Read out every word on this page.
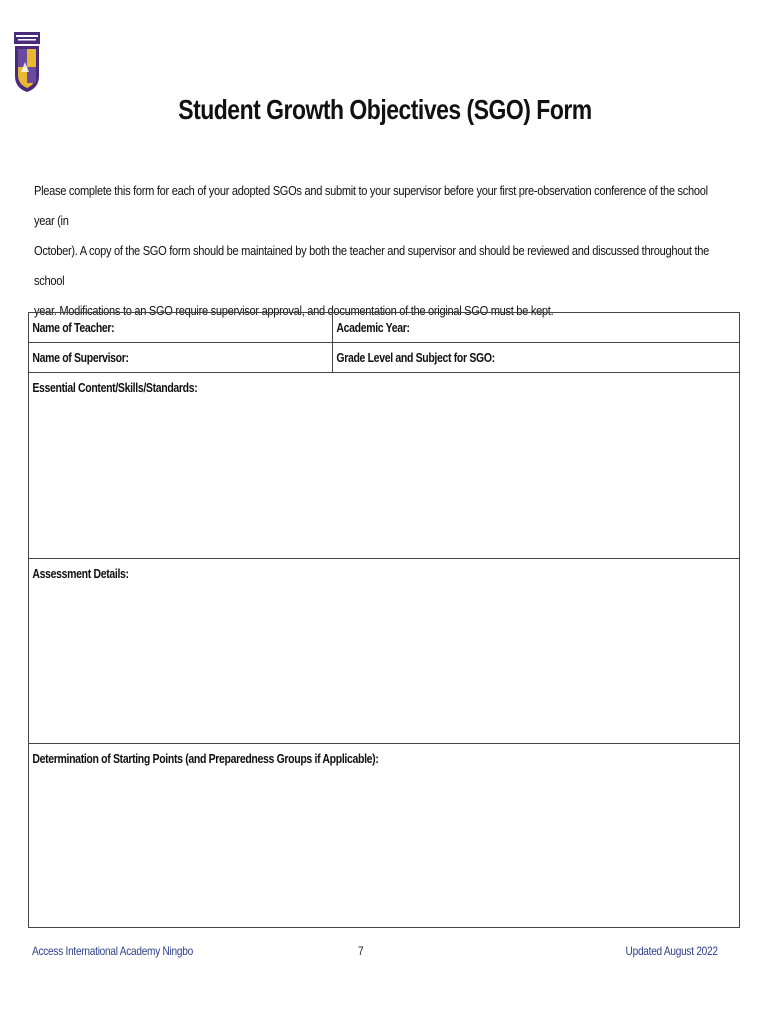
Student Growth Objectives (SGO) Form
Please complete this form for each of your adopted SGOs and submit to your supervisor before your first pre-observation conference of the school year (in
October). A copy of the SGO form should be maintained by both the teacher and supervisor and should be reviewed and discussed throughout the school
year. Modifications to an SGO require supervisor approval, and documentation of the original SGO must be kept.
Name of Teacher:	Academic Year:
Name of Supervisor:	Grade Level and Subject for SGO:
Essential Content/Skills/Standards:
Assessment Details:
Determination of Starting Points (and Preparedness Groups if Applicable):
Access International Academy Ningbo	7	Updated August 2022
